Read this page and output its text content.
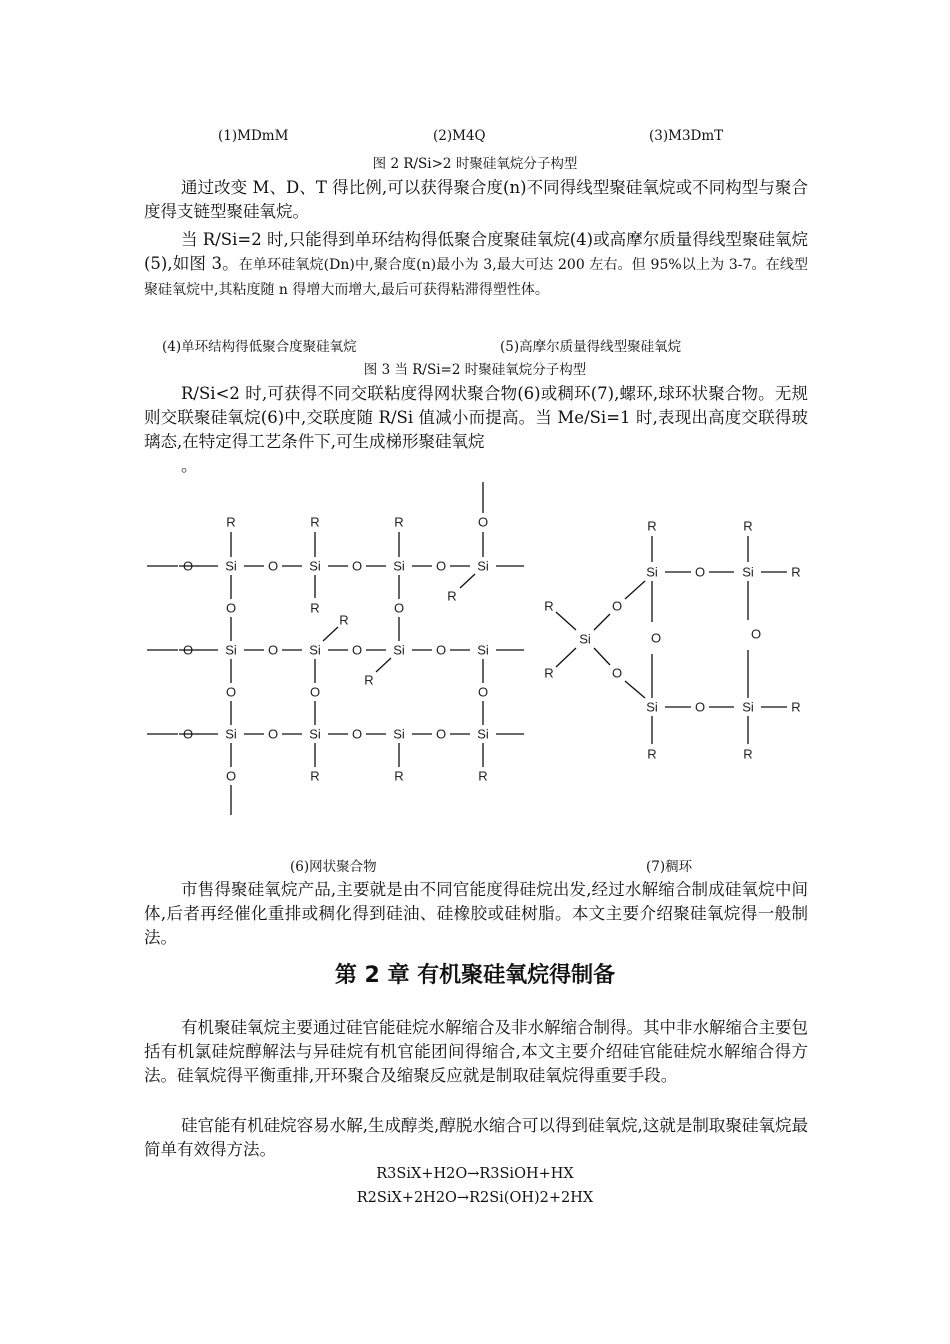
(1)MDmM	(2)M4Q	(3)M3DmT
图 2 R/Si>2 时聚硅氧烷分子构型

通过改变 M、D、T 得比例,可以获得聚合度(n)不同得线型聚硅氧烷或不同构型与聚合度得支链型聚硅氧烷。

当 R/Si=2 时,只能得到单环结构得低聚合度聚硅氧烷(4)或高摩尔质量得线型聚硅氧烷(5),如图 3。在单环硅氧烷(Dn)中,聚合度(n)最小为 3,最大可达 200 左右。但 95%以上为 3-7。在线型聚硅氧烷中,其粘度随 n 得增大而增大,最后可获得粘滞得塑性体。

(4)单环结构得低聚合度聚硅氧烷	(5)高摩尔质量得线型聚硅氧烷
图 3 当 R/Si=2 时聚硅氧烷分子构型

R/Si<2 时,可获得不同交联粘度得网状聚合物(6)或稠环(7),螺环,球环状聚合物。无规则交联聚硅氧烷(6)中,交联度随 R/Si 值减小而提高。当 Me/Si=1 时,表现出高度交联得玻璃态,在特定得工艺条件下,可生成梯形聚硅氧烷

。

O	O	O	O
Si	Si	Si	Si
O	O	O	O
Si	Si	Si	Si
O	O	O	O
Si	Si	Si	Si
O
O	O
O
O
R	R	R	O
R
R
R
R
O	R	R	R
Si
R
R
O
O
Si
R
O	Si
R
R
O	O
Si	O	Si	R
R	R
(6)网状聚合物	(7)稠环

市售得聚硅氧烷产品,主要就是由不同官能度得硅烷出发,经过水解缩合制成硅氧烷中间体,后者再经催化重排或稠化得到硅油、硅橡胶或硅树脂。本文主要介绍聚硅氧烷得一般制法。

第 2 章 有机聚硅氧烷得制备

有机聚硅氧烷主要通过硅官能硅烷水解缩合及非水解缩合制得。其中非水解缩合主要包括有机氯硅烷醇解法与异硅烷有机官能团间得缩合,本文主要介绍硅官能硅烷水解缩合得方法。硅氧烷得平衡重排,开环聚合及缩聚反应就是制取硅氧烷得重要手段。

硅官能有机硅烷容易水解,生成醇类,醇脱水缩合可以得到硅氧烷,这就是制取聚硅氧烷最简单有效得方法。

R3SiX+H2O→R3SiOH+HX
R2SiX+2H2O→R2Si(OH)2+2HX
